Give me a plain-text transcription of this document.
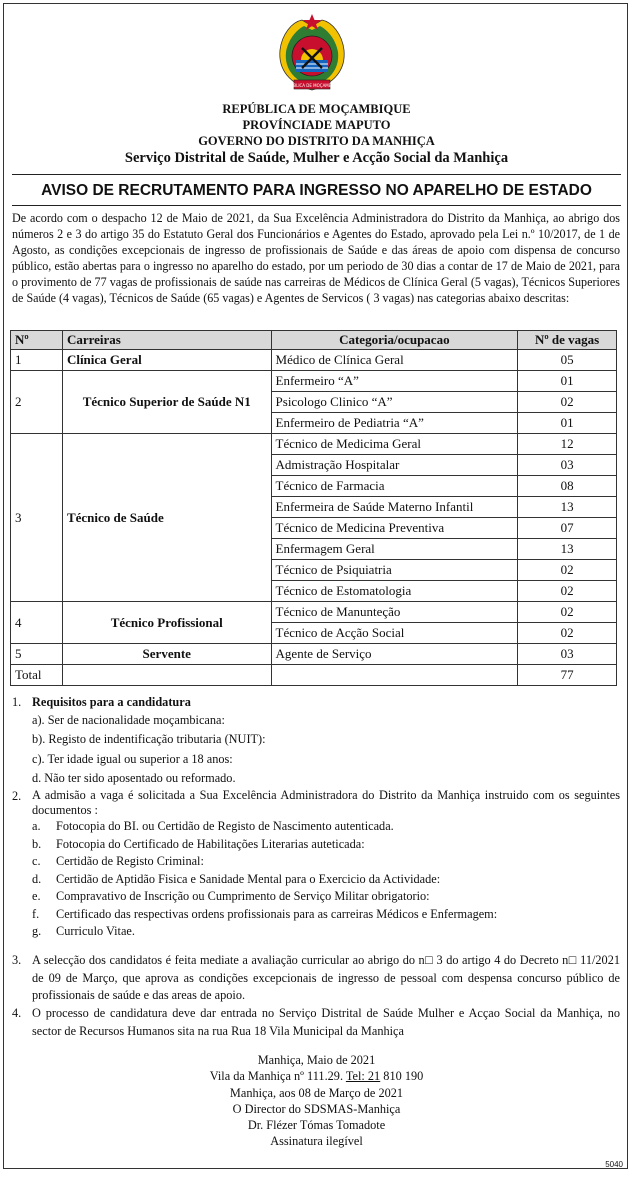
REPÚBLICA DE MOÇAMBIQUE
REPÚBLICA DE MOÇAMBIQUE
PROVÍNCIADE MAPUTO
GOVERNO DO DISTRITO DA MANHIÇA
Serviço Distrital de Saúde, Mulher e Acção Social da Manhiça
AVISO DE RECRUTAMENTO PARA INGRESSO NO APARELHO DE ESTADO

De acordo com o despacho 12 de Maio de 2021, da Sua Excelência Administradora do Distrito da Manhiça, ao abrigo dos números 2 e 3 do artigo 35 do Estatuto Geral dos Funcionários e Agentes do Estado, aprovado pela Lei n.º 10/2017, de 1 de Agosto, as condições excepcionais de ingresso de profissionais de Saúde e das áreas de apoio com dispensa de concurso público, estão abertas para o ingresso no aparelho do estado, por um periodo de 30 dias a contar de 17 de Maio de 2021, para o provimento de 77 vagas de profissionais de saúde nas carreiras de Médicos de Clínica Geral (5 vagas), Técnicos Superiores de Saúde (4 vagas), Técnicos de Saúde (65 vagas) e Agentes de Servicos ( 3 vagas) nas categorias abaixo descritas:

Nº	Carreiras	Categoria/ocupacao	Nº de vagas
1	Clínica Geral	Médico de Clínica Geral	05
2	Técnico Superior de Saúde N1	Enfermeiro “A”	01
		Psicologo Clinico “A”	02
		Enfermeiro de Pediatria “A”	01
3	Técnico de Saúde	Técnico de Medicima Geral	12
		Admistração Hospitalar	03
		Técnico de Farmacia	08
		Enfermeira de Saúde Materno Infantil	13
		Técnico de Medicina Preventiva	07
		Enfermagem Geral	13
		Técnico de Psiquiatria	02
		Técnico de Estomatologia	02
4	Técnico Profissional	Técnico de Manunteção	02
		Técnico de Acção Social	02
5	Servente	Agente de Serviço	03
Total			77
1. Requisitos para a candidatura
a). Ser de nacionalidade moçambicana:
b). Registo de indentificação tributaria (NUIT):
c). Ter idade igual ou superior a 18 anos:
d. Não ter sido aposentado ou reformado.
2. A admisão a vaga é solicitada a Sua Excelência Administradora do Distrito da Manhiça instruido com os seguintes documentos :
a.	Fotocopia do BI. ou Certidão de Registo de Nascimento autenticada.
b.	Fotocopia do Certificado de Habilitações Literarias auteticada:
c.	Certidão de Registo Criminal:
d.	Certidão de Aptidão Fisica e Sanidade Mental para o Exercicio da Actividade:
e.	Compravativo de Inscrição ou Cumprimento de Serviço Militar obrigatorio:
f.	Certificado das respectivas ordens profissionais para as carreiras Médicos e Enfermagem:
g.	Curriculo Vitae.
3. A selecção dos candidatos é feita mediate a avaliação curricular ao abrigo do n□ 3 do artigo 4 do Decreto n□ 11/2021 de 09 de Março, que aprova as condições excepcionais de ingresso de pessoal com despensa concurso público de profissionais de saúde e das areas de apoio.
4. O processo de candidatura deve dar entrada no Serviço Distrital de Saúde Mulher e Acçao Social da Manhiça, no sector de Recursos Humanos sita na rua Rua 18 Vila Municipal da Manhiça
Manhiça, Maio de 2021
Vila da Manhiça nº 111.29. Tel: 21 810 190
Manhiça, aos 08 de Março de 2021
O Director do SDSMAS-Manhiça
Dr. Flézer Tómas Tomadote
Assinatura ilegível
5040
